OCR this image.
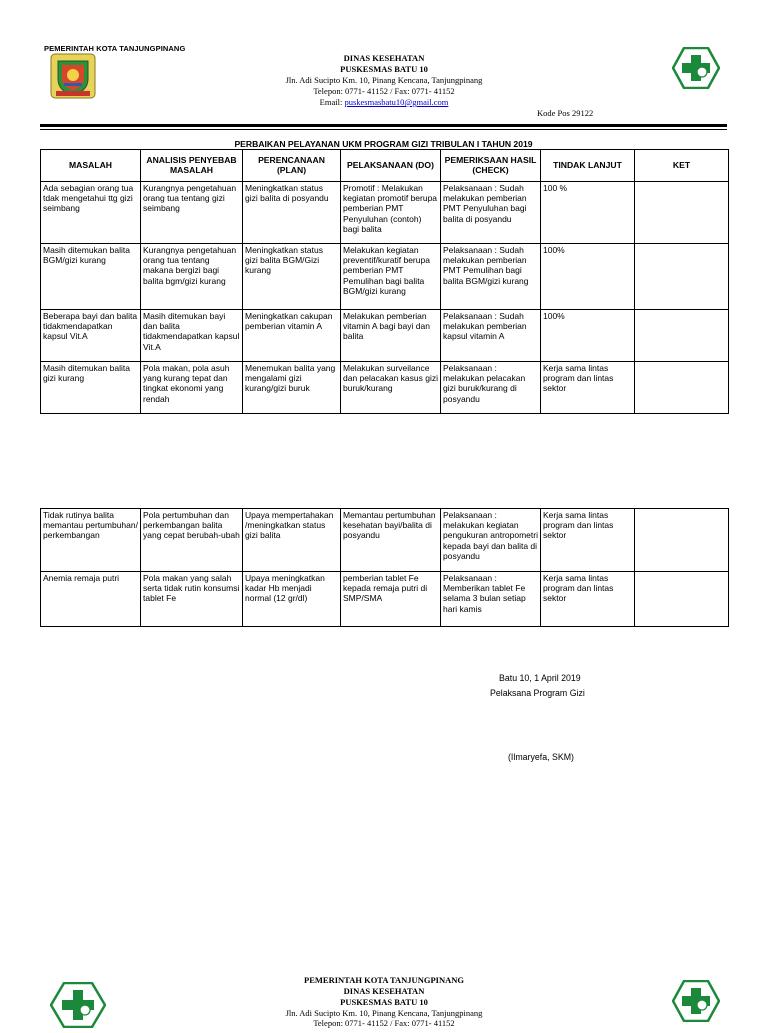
PEMERINTAH KOTA TANJUNGPINANG
DINAS KESEHATAN
PUSKESMAS BATU 10
Jln. Adi Sucipto Km. 10, Pinang Kencana, Tanjungpinang
Telepon: 0771- 41152 / Fax: 0771- 41152
Email: puskesmasbatu10@gmail.com
Kode Pos 29122
PERBAIKAN PELAYANAN UKM PROGRAM GIZI TRIBULAN I TAHUN 2019
MASALAH	ANALISIS PENYEBAB MASALAH	PERENCANAAN (PLAN)	PELAKSANAAN (DO)	PEMERIKSAAN HASIL (CHECK)	TINDAK LANJUT	KET
Ada sebagian orang tua tdak mengetahui ttg gizi seimbang	Kurangnya pengetahuan orang tua tentang gizi seimbang	Meningkatkan status gizi balita di posyandu	Promotif : Melakukan kegiatan promotif berupa pemberian PMT Penyuluhan (contoh) bagi balita	Pelaksanaan : Sudah melakukan pemberian PMT Penyuluhan bagi balita di posyandu	100 %	
Masih ditemukan balita BGM/gizi kurang	Kurangnya pengetahuan orang tua tentang makana bergizi bagi balita bgm/gizi kurang	Meningkatkan status gizi balita BGM/Gizi kurang	Melakukan kegiatan preventif/kuratif berupa pemberian PMT Pemulihan bagi balita BGM/gizi kurang	Pelaksanaan : Sudah melakukan pemberian PMT Pemulihan bagi balita BGM/gizi kurang	100%	
Beberapa bayi dan balita tidakmendapatkan kapsul Vit.A	Masih ditemukan bayi dan balita tidakmendapatkan kapsul Vit.A	Meningkatkan cakupan pemberian vitamin A	Melakukan pemberian vitamin A bagi bayi dan balita	Pelaksanaan : Sudah melakukan pemberian kapsul vitamin A	100%	
Masih ditemukan balita gizi kurang	Pola makan, pola asuh yang kurang tepat dan tingkat ekonomi yang rendah	Menemukan balita yang mengalami gizi kurang/gizi buruk	Melakukan surveilance dan pelacakan kasus gizi buruk/kurang	Pelaksanaan : melakukan pelacakan gizi buruk/kurang di posyandu	Kerja sama lintas program dan lintas sektor	
Tidak rutinya balita memantau pertumbuhan/ perkembangan	Pola pertumbuhan dan perkembangan balita yang cepat berubah-ubah	Upaya mempertahakan /meningkatkan status gizi balita	Memantau pertumbuhan kesehatan bayi/balita di posyandu	Pelaksanaan : melakukan kegiatan pengukuran antropometri kepada bayi dan balita di posyandu	Kerja sama lintas program dan lintas sektor	
Anemia remaja putri	Pola makan yang salah serta tidak rutin konsumsi tablet Fe	Upaya meningkatkan kadar Hb menjadi normal (12 gr/dl)	pemberian tablet Fe kepada remaja putri di SMP/SMA	Pelaksanaan : Memberikan tablet Fe selama 3 bulan setiap hari kamis	Kerja sama lintas program dan lintas sektor	
Batu 10, 1 April 2019
Pelaksana Program Gizi
(Ilmaryefa, SKM)
PEMERINTAH KOTA TANJUNGPINANG
DINAS KESEHATAN
PUSKESMAS BATU 10
Jln. Adi Sucipto Km. 10, Pinang Kencana, Tanjungpinang
Telepon: 0771- 41152 / Fax: 0771- 41152
